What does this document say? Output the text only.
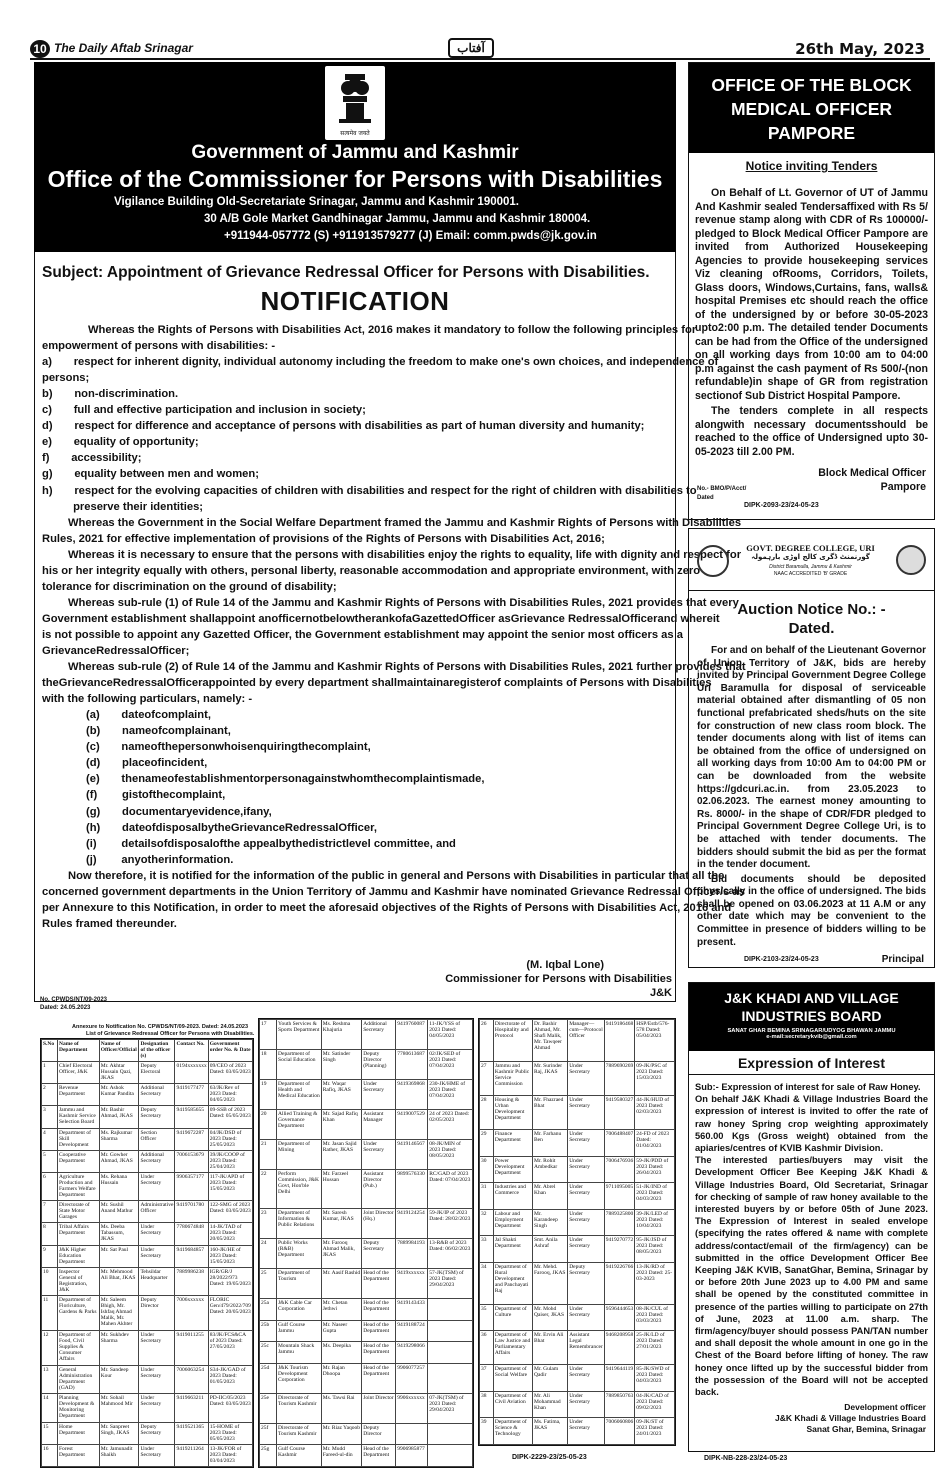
10 The Daily Aftab Srinagar	آفتاب	26th May, 2023
सत्यमेव जयते
Government of Jammu and Kashmir
Office of the Commissioner for Persons with Disabilities
Vigilance Building Old-Secretariate Srinagar, Jammu and Kashmir 190001.
30 A/B Gole Market Gandhinagar Jammu, Jammu and Kashmir 180004.
+911944-057772 (S) +911913579277 (J) Email: comm.pwds@jk.gov.in
Subject: Appointment of Grievance Redressal Officer for Persons with Disabilities.
NOTIFICATION
Whereas the Rights of Persons with Disabilities Act, 2016 makes it mandatory to follow the following principles for
empowerment of persons with disabilities: -
a)       respect for inherent dignity, individual autonomy including the freedom to make one's own choices, and independence of
persons;
b)       non-discrimination.
c)       full and effective participation and inclusion in society;
d)       respect for difference and acceptance of persons with disabilities as part of human diversity and humanity;
e)       equality of opportunity;
f)       accessibility;
g)       equality between men and women;
h)       respect for the evolving capacities of children with disabilities and respect for the right of children with disabilities to
preserve their identities;
Whereas the Government in the Social Welfare Department framed the Jammu and Kashmir Rights of Persons with Disabilities
Rules, 2021 for effective implementation of provisions of the Rights of Persons with Disabilities Act, 2016;
Whereas it is necessary to ensure that the persons with disabilities enjoy the rights to equality, life with dignity and respect for
his or her integrity equally with others, personal liberty, reasonable accommodation and appropriate environment, with zero
tolerance for discrimination on the ground of disability;
Whereas sub-rule (1) of Rule 14 of the Jammu and Kashmir Rights of Persons with Disabilities Rules, 2021 provides that every
Government establishment shallappoint anofficernotbelowtherankofaGazettedOfficer asGrievance RedressalOfficerand whereit
is not possible to appoint any Gazetted Officer, the Government establishment may appoint the senior most officers as a
GrievanceRedressalOfficer;
Whereas sub-rule (2) of Rule 14 of the Jammu and Kashmir Rights of Persons with Disabilities Rules, 2021 further provides that
theGrievanceRedressalOfficerappointed by every department shallmaintainaregisterof complaints of Persons with Disabilities
with the following particulars, namely: -
(a)       dateofcomplaint,
(b)       nameofcomplainant,
(c)       nameofthepersonwhoisenquiringthecomplaint,
(d)       placeofincident,
(e)       thenameofestablishmentorpersonagainstwhomthecomplaintismade,
(f)        gistofthecomplaint,
(g)       documentaryevidence,ifany,
(h)       dateofdisposalbytheGrievanceRedressalOfficer,
(i)        detailsofdisposalofthe appealbythedistrictlevel committee, and
(j)        anyotherinformation.
Now therefore, it is notified for the information of the public in general and Persons with Disabilities in particular that all the
concerned government departments in the Union Territory of Jammu and Kashmir have nominated Grievance Redressal Officer/s as
per Annexure to this Notification, in order to meet the aforesaid objectives of the Rights of Persons with Disabilities Act, 2016 and
Rules framed thereunder.
(M. Iqbal Lone)
Commissioner for Persons with Disabilities
J&K
No. CPWDS/NT/09-2023
Dated: 24.05.2023
Annexure to Notification No. CPWDS/NT/09-2023. Dated: 24.05.2023
List of Grievance Redressal Officer for Persons with Disabilities.
S.No	Name of Department	Name of Officer/Official	Designation of the officer (s)	Contact No.	Government order No. & Date
1	Chief Electoral Officer, J&K	Mr. Akhtar Hussain Qazi, JKAS	Deputy Electoral	0194xxxxxxx	09/CEO of 2023 Dated: 03/05/2023
2	Revenue Department	Mr. Ashok Kumar Pandita	Additional Secretary	9419177477	63/JK/Rev of 2023 Dated: 04/05/2023
3	Jammu and Kashmir Service Selection Board	Mr. Bashir Ahmad, JKAS	Deputy Secretary	9419585655	09-SSB of 2023 Dated: 05/05/2023
4	Department of Skill Development	Ms. Rajkumar Sharma	Section Officer	9419672287	04/JK/DSD of 2023 Dated: 25/05/2023
5	Cooperative Department	Mr. Gowher Ahmad, JKAS	Additional Secretary	7006153679	39/JK/COOP of 2023 Dated: 25/04/2023
6	Agriculture Production and Farmers Welfare Department	Ms. Rehana Hussain	Under Secretary	9906357177	117-JK/APD of 2023 Dated: 15/05/2023
7	Directorate of State Motor Garages	Mr. Sushil Anand Mathur	Administrative Officer	9419701780	122-SMG of 2023 Dated: 03/05/2023
8	Tribal Affairs Department	Ms. Deeba Tabassum, JKAS	Under Secretary	7780674848	14-JK/TAD of 2023 Dated: 20/05/2023
9	J&K Higher Education Department	Mr. Sat Paul	Under Secretary	9419684857	160-JK/HE of 2023 Dated: 15/05/2023
10	Inspector General of Registration, J&K	Mr. Mehmood Ali Bhat, JKAS	Tehsildar Headquarter	7889986238	IGR/GR/J 28/2022/973 Dated: 19/05/2023
11	Department of Floriculture, Gardens & Parks	Mr. Saleem Bhigh, Mr. Ishfaq Ahmad Malik, Mr. Mahen Akhter	Deputy Director	7006xxxxxx	FLORIC Gen/479/2022/709 Dated: 20/05/2023
12	Department of Food, Civil Supplies & Consumer Affairs	Mr. Sukhdev Sharma	Under Secretary	9419011255	83/JK/FCS&CA of 2023 Dated: 27/05/2023
13	General Administration Department (GAD)	Mr. Sandeep Kour	Under Secretary	7006063254	S34-JK/GAD of 2023 Dated: 01/05/2023
14	Planning Development & Monitoring Department	Mr. Sohail Mahmood Mir	Under Secretary	9419663211	PD-IIC/05/2023 Dated: 03/05/2023
15	Home Department	Mr. Sanpreet Singh, JKAS	Deputy Secretary	9419521365	15-HOME of 2023 Dated: 05/05/2023
16	Forest Department	Mr. Jamunadit Shaikh	Under Secretary	9419211264	13-JK/FOR of 2023 Dated: 03/04/2023
17	Youth Services & Sports Department	Ms. Reshma Khajuria	Additional Secretary	9419760087	11-JK/YSS of 2023 Dated: 04/05/2023
18	Department of Social Education	Mr. Satinder Singh	Deputy Director (Planning)	7780613687	02/JK/SED of 2023 Dated: 07/04/2023
19	Department of Health and Medical Education	Mr. Waqar Rafiq, JKAS	Under Secretary	9419369868	230-JK/HME of 2023 Dated: 07/04/2023
20	Allied Training & Governance Department	Mr. Sajad Rafiq Khan	Assistant Manager	9419007529	24 of 2023 Dated: 02/05/2023
21	Department of Mining	Mr. Jasan Sajid Rather, JKAS	Under Secretary	9419146567	08-JK/MIN of 2023 Dated: 08/05/2023
22	Perform Commission, J&K Govt, Hon'ble Delhi	Mr. Farzeel Hussan	Assistant Director (Pub.)	9899576330	RC/GAD of 2023 Dated: 07/04/2023
23	Department of Information & Public Relations	Mr. Saresh Kumar, JKAS	Joint Director (Hq.)	9419124254	59-JK/IP of 2023 Dated: 28/02/2023
24	Public Works (R&B) Department	Mr. Farooq Ahmad Malik, JKAS	Deputy Secretary	7889984193	13-R&B of 2023 Dated: 06/02/2023
25	Department of Tourism	Mr. Aasif Rashid	Head of the Department	9419xxxxxx	57-JK(TSM) of 2023 Dated: 29/04/2023
25a	J&K Cable Car Corporation	Mr. Chetan Jethwi	Head of the Department	9419143433	
25b	Gulf Course Jammu	Mr. Naseer Gupta	Head of the Department	9419188724	
25c	Mountain Shack Jammu	Ms. Deepika	Head of the Department	9419298066	
25d	J&K Tourism Development Corporation	Mr. Rajan Dhoopa	Head of the Department	9906077257	
25e	Directorate of Tourism Kashmir	Ms. Tawsi Rai	Joint Director	9906xxxxxx	07-JK(TSM) of 2023 Dated: 29/04/2023
25f	Directorate of Tourism Kashmir	Mr. Riaz Yaqoob	Deputy Director		
25g	Gulf Course Kashmir	Mr. Mudd Fareed-ul-din	Head of the Department	9906985877	
26	Directorate of Hospitality and Protocol	Dr. Bashir Ahmad, Mr. Shafi Malik, Mr. Tawqeer Ahmad	Manager—cum—Protocol Officer	9419186468	HSP/Estb/576-578 Dated: 05/04/2023
27	Jammu and Kashmir Public Service Commission	Mr. Surinder Raj, JKAS	Under Secretary	7889690269	09-JK/PSC of 2023 Dated: 15/03/2023
28	Housing & Urban Development Department	Mr. Fhazraed Bhat	Under Secretary	9419580327	44-JK/HUD of 2023 Dated: 02/03/2023
29	Finance Department	Mr. Farhanu Ben	Under Secretary	7006488407	24-FD of 2023 Dated: 01/04/2023
30	Power Development Department	Mr. Rohit Ambedkar	Under Secretary	7006476936	59-JK/PDD of 2023 Dated: 26/04/2023
31	Industries and Commerce	Mr. Abrel Khan	Under Secretary	9711095005	51-JK/IND of 2023 Dated: 04/03/2023
32	Labour and Employment Department	Mr. Karandeep Singh	Under Secretary	7889325800	39-JK/LED of 2023 Dated: 10/04/2023
33	Jal Shakti Department	Smt. Anila Ashraf	Under Secretary	9419270772	95-JK/JSD of 2023 Dated: 08/05/2023
34	Department of Rural Development and Panchayati Raj	Mr. Mehd. Farooq, JKAS	Deputy Secretary	9419226766	13-JK/RD of 2023 Dated: 25-03-2023
35	Department of Culture	Mr. Mohd Qaiser, JKAS	Under Secretary	9596444653	08-JK/CUL of 2023 Dated: 03/03/2023
36	Department of Law Justice and Parliamentary Affairs	Mr. Ervin Ali Bhat	Assistant Legal Remembrancer	9468208958	25-JK/LD of 2023 Dated: 27/01/2023
37	Department of Social Welfare	Mr. Gulam Qadir	Under Secretary	9419644119	85-JK/SWD of 2023 Dated: 04/03/2023
38	Department of Civil Aviation	Mr. Ali Mohammad Khan	Under Secretary	7889850763	04-JK/CAD of 2023 Dated: 09/02/2023
39	Department of Science & Technology	Ms. Fatima, JKAS	Under Secretary	7006060806	09-JK/ST of 2023 Dated: 24/01/2023
DIPK-2229-23/25-05-23
OFFICE OF THE BLOCK MEDICAL OFFICER PAMPORE
Notice inviting Tenders
On Behalf of Lt. Governor of UT of Jammu And Kashmir sealed Tendersaffixed with Rs 5/ revenue stamp along with CDR of Rs 100000/- pledged to Block Medical Officer Pampore are invited from Authorized Housekeeping Agencies to provide housekeeping services Viz cleaning ofRooms, Corridors, Toilets, Glass doors, Windows,Curtains, fans, walls& hospital Premises etc should reach the office of the undersigned by or before 30-05-2023 upto2:00 p.m. The detailed tender Documents can be had from the Office of the undersigned on all working days from 10:00 am to 04:00 p.m against the cash payment of Rs 500/-(non refundable)in shape of GR from registration sectionof Sub District Hospital Pampore.
The tenders complete in all respects alongwith necessary documentsshould be reached to the office of Undersigned upto 30-05-2023 till 2.00 PM.
Block Medical Officer
No.- BMO/P/Acct/
Dated
Pampore
DIPK-2093-23/24-05-23
GOVT. DEGREE COLLEGE, URI
گورنمنٹ ڈگری کالج اوڑی بارہمولہ
District Baramulla, Jammu & Kashmir
NAAC ACCREDITED 'B' GRADE
Auction Notice No.: -
Dated.
For and on behalf of the Lieutenant Governor of Union Territory of J&K, bids are hereby invited by Principal Government Degree College Uri Baramulla for disposal of serviceable material obtained after dismantling of 05 non functional prefabricated sheds/huts on the site for construction of new class room block. The tender documents along with list of items can be obtained from the office of undersigned on all working days from 10:00 Am to 04:00 PM or can be downloaded from the website https://gdcuri.ac.in. from 23.05.2023 to 02.06.2023. The earnest money amounting to Rs. 8000/- in the shape of CDR/FDR pledged to Principal Government Degree College Uri, is to be attached with tender documents. The bidders should submit the bid as per the format in the tender document.
Bid documents should be deposited physically in the office of undersigned. The bids shall be opened on 03.06.2023 at 11 A.M or any other date which may be convenient to the Committee in presence of bidders willing to be present.
Principal
DIPK-2103-23/24-05-23
J&K KHADI AND VILLAGE INDUSTRIES BOARD
SANAT GHAR BEMINA SRINAGAR/UDYOG BHAWAN JAMMU
e-mail:secretarykvib@gmail.com
Expression of Interest
Sub:- Expression of interest for sale of Raw Honey.
On behalf J&K Khadi & Village Industries Board the expression of interest is invited to offer the rate of raw honey Spring crop weighting approximately 560.00 Kgs (Gross weight) obtained from the apiaries/centres of KVIB Kashmir Division.
The interested parties/buyers may visit the Development Officer Bee Keeping J&K Khadi & Village Industries Board, Old Secretariat, Srinagar for checking of sample of raw honey available to the interested buyers by or before 05th of June 2023. The Expression of Interest in sealed envelope (specifying the rates offered & name with complete address/contact/email of the firm/agency) can be submitted in the office Development Officer Bee Keeping J&K KVIB, SanatGhar, Bemina, Srinagar by or before 20th June 2023 up to 4.00 PM and same shall be opened by the constituted committee in presence of the parties willing to participate on 27th of June, 2023 at 11.00 a.m. sharp. The firm/agency/buyer should possess PAN/TAN number and shall deposit the whole amount in one go in the Chest of the Board before lifting of honey. The raw honey once lifted up by the successful bidder from the possession of the Board will not be accepted back.
Development officer
J&K Khadi & Village Industries Board
Sanat Ghar, Bemina, Srinagar
DIPK-NB-228-23/24-05-23
